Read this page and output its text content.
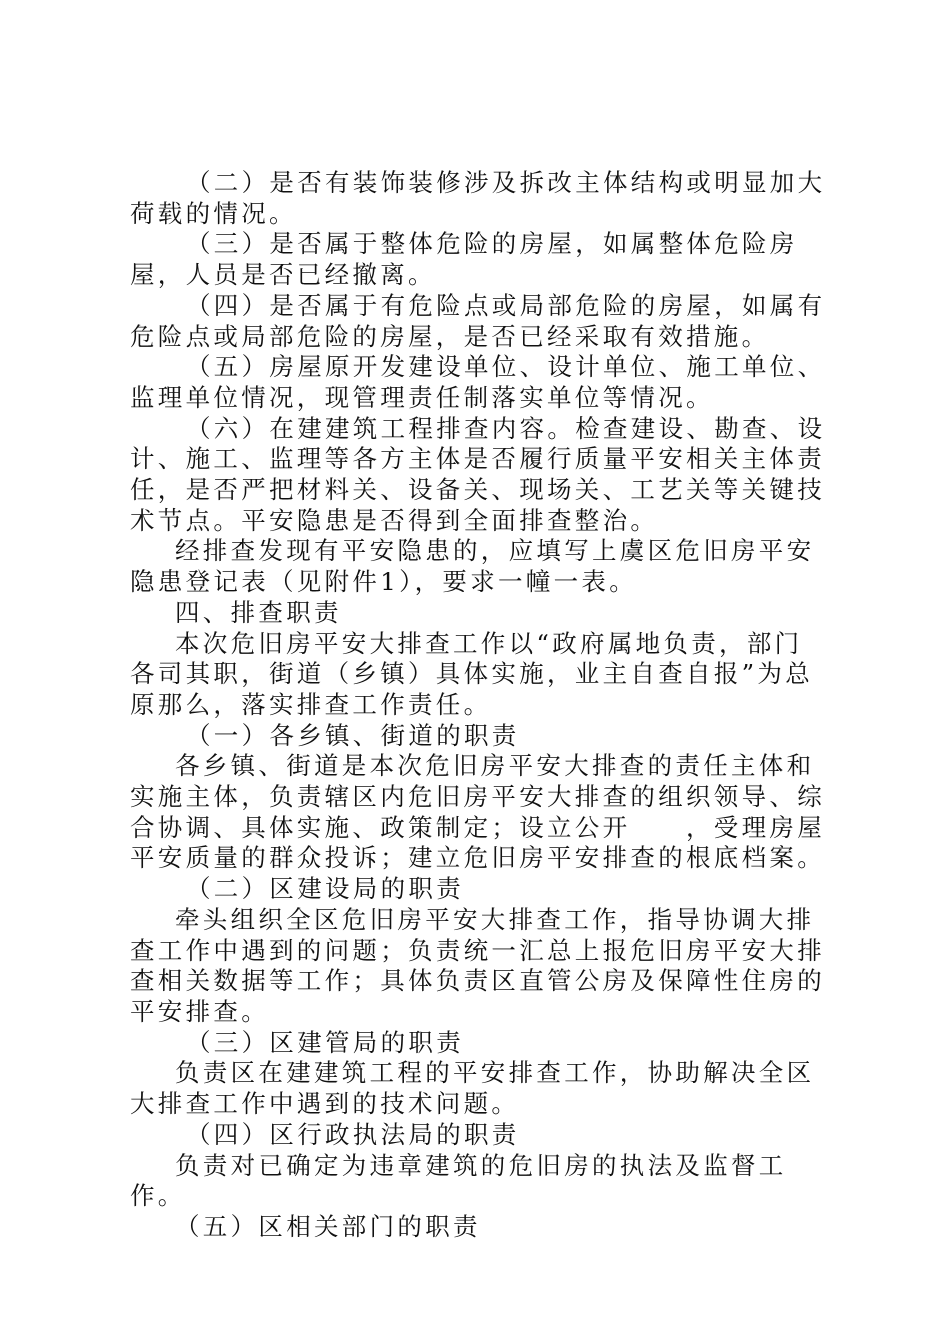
（二）是否有装饰装修涉及拆改主体结构或明显加大荷载的情况。

（三）是否属于整体危险的房屋，如属整体危险房屋，人员是否已经撤离。

（四）是否属于有危险点或局部危险的房屋，如属有危险点或局部危险的房屋，是否已经采取有效措施。

（五）房屋原开发建设单位、设计单位、施工单位、监理单位情况，现管理责任制落实单位等情况。

（六）在建建筑工程排查内容。检查建设、勘查、设计、施工、监理等各方主体是否履行质量平安相关主体责任，是否严把材料关、设备关、现场关、工艺关等关键技术节点。平安隐患是否得到全面排查整治。

经排查发现有平安隐患的，应填写上虞区危旧房平安隐患登记表（见附件1），要求一幢一表。

四、排查职责

本次危旧房平安大排查工作以“政府属地负责，部门各司其职，街道（乡镇）具体实施，业主自查自报”为总原那么，落实排查工作责任。

（一）各乡镇、街道的职责

各乡镇、街道是本次危旧房平安大排查的责任主体和实施主体，负责辖区内危旧房平安大排查的组织领导、综合协调、具体实施、政策制定；设立公开　　，受理房屋平安质量的群众投诉；建立危旧房平安排查的根底档案。

（二）区建设局的职责

牵头组织全区危旧房平安大排查工作，指导协调大排查工作中遇到的问题；负责统一汇总上报危旧房平安大排查相关数据等工作；具体负责区直管公房及保障性住房的平安排查。

（三）区建管局的职责

负责区在建建筑工程的平安排查工作，协助解决全区大排查工作中遇到的技术问题。

（四）区行政执法局的职责

负责对已确定为违章建筑的危旧房的执法及监督工作。

（五）区相关部门的职责
